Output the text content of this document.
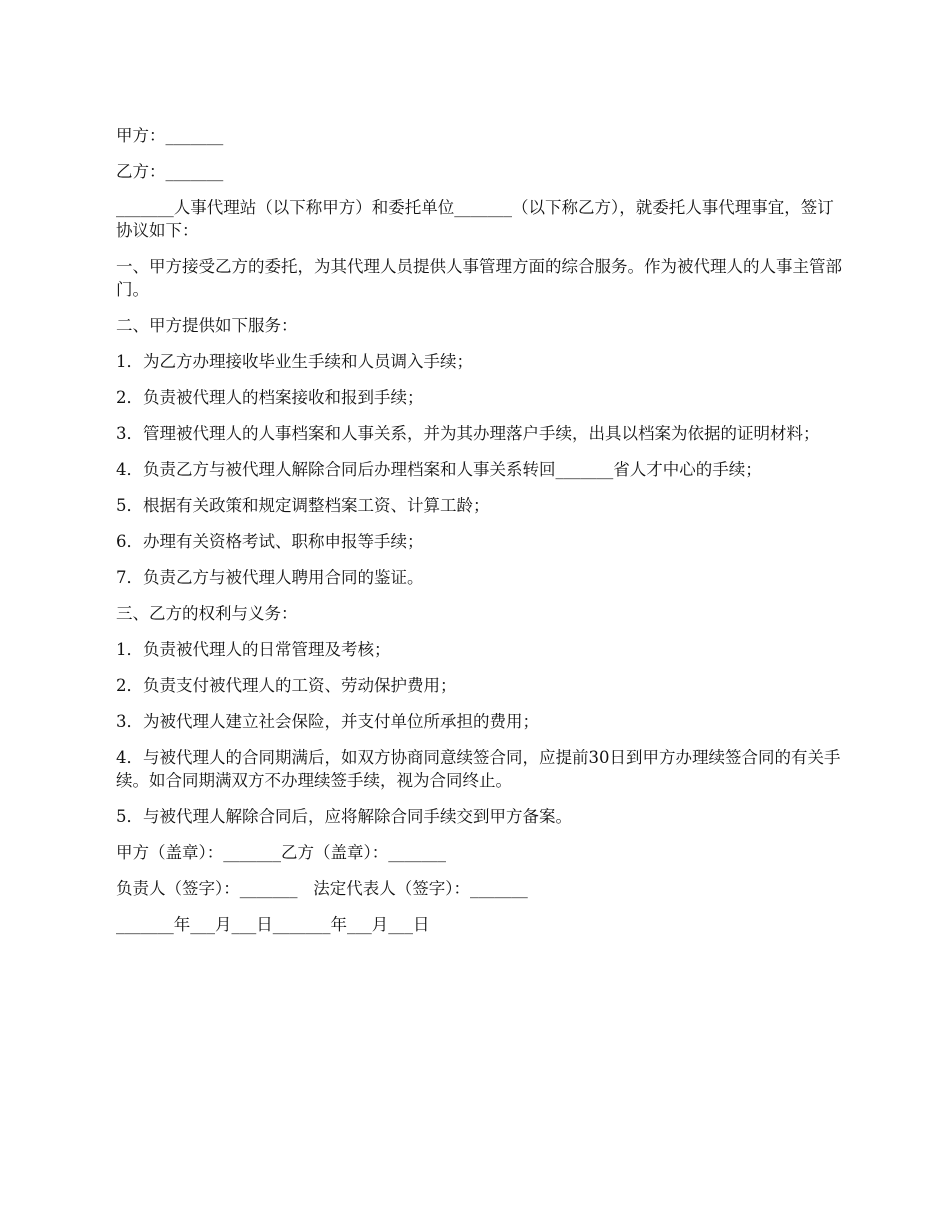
甲方：_______

乙方：_______

_______人事代理站（以下称甲方）和委托单位_______（以下称乙方），就委托人事代理事宜，签订协议如下：

一、甲方接受乙方的委托，为其代理人员提供人事管理方面的综合服务。作为被代理人的人事主管部门。

二、甲方提供如下服务：

1．为乙方办理接收毕业生手续和人员调入手续；

2．负责被代理人的档案接收和报到手续；

3．管理被代理人的人事档案和人事关系，并为其办理落户手续，出具以档案为依据的证明材料；

4．负责乙方与被代理人解除合同后办理档案和人事关系转回_______省人才中心的手续；

5．根据有关政策和规定调整档案工资、计算工龄；

6．办理有关资格考试、职称申报等手续；

7．负责乙方与被代理人聘用合同的鉴证。

三、乙方的权利与义务：

1．负责被代理人的日常管理及考核；

2．负责支付被代理人的工资、劳动保护费用；

3．为被代理人建立社会保险，并支付单位所承担的费用；

4．与被代理人的合同期满后，如双方协商同意续签合同，应提前30日到甲方办理续签合同的有关手续。如合同期满双方不办理续签手续，视为合同终止。

5．与被代理人解除合同后，应将解除合同手续交到甲方备案。

甲方（盖章）：_______乙方（盖章）：_______

负责人（签字）：_______   法定代表人（签字）：_______

_______年___月___日_______年___月___日
